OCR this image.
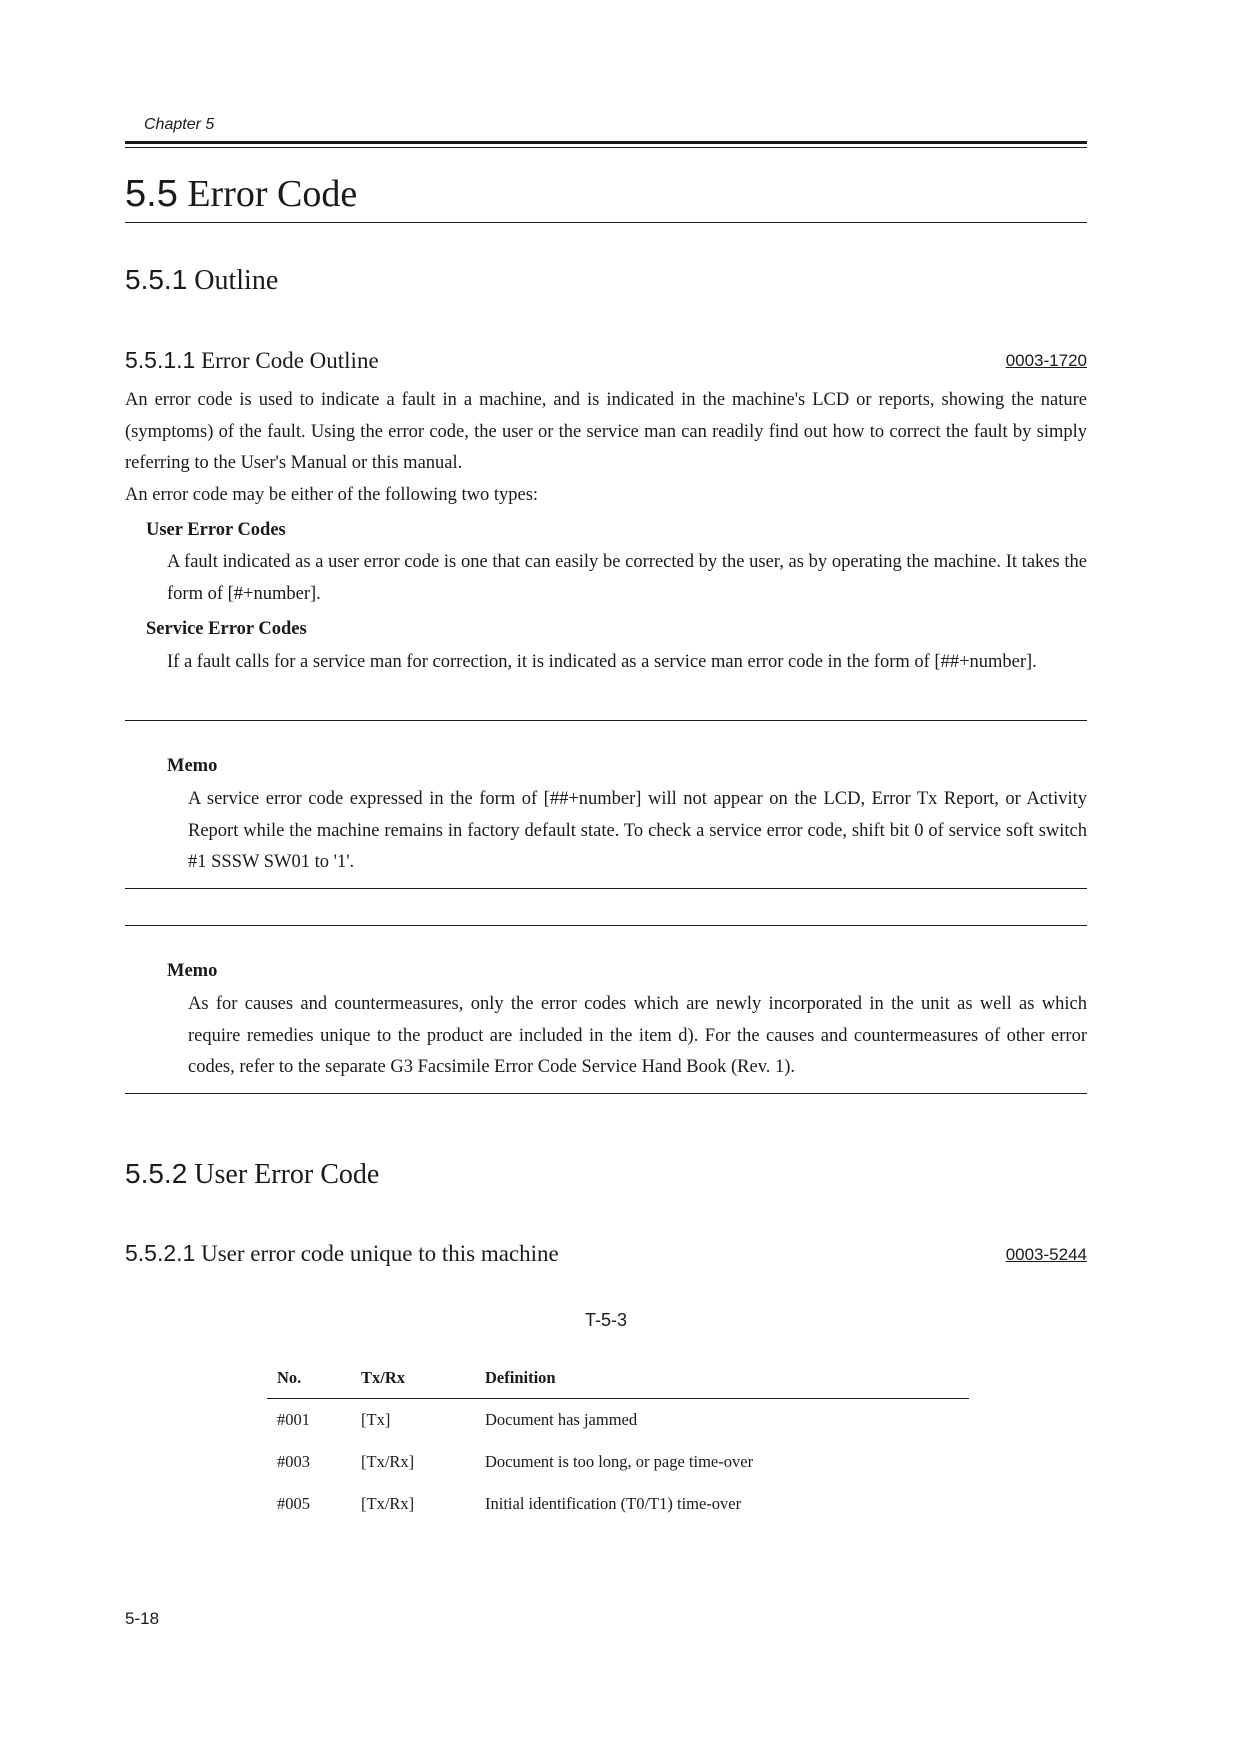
Chapter 5
5.5 Error Code
5.5.1 Outline
5.5.1.1 Error Code Outline	0003-1720

An error code is used to indicate a fault in a machine, and is indicated in the machine's LCD or reports, showing the nature (symptoms) of the fault. Using the error code, the user or the service man can readily find out how to correct the fault by simply referring to the User's Manual or this manual.

An error code may be either of the following two types:

User Error Codes

A fault indicated as a user error code is one that can easily be corrected by the user, as by operating the machine. It takes the form of [#+number].

Service Error Codes

If a fault calls for a service man for correction, it is indicated as a service man error code in the form of [##+number].

Memo

A service error code expressed in the form of [##+number] will not appear on the LCD, Error Tx Report, or Activity Report while the machine remains in factory default state. To check a service error code, shift bit 0 of service soft switch #1 SSSW SW01 to '1'.

Memo

As for causes and countermeasures, only the error codes which are newly incorporated in the unit as well as which require remedies unique to the product are included in the item d). For the causes and countermeasures of other error codes, refer to the separate G3 Facsimile Error Code Service Hand Book (Rev. 1).

5.5.2 User Error Code
5.5.2.1 User error code unique to this machine	0003-5244
T-5-3
No.	Tx/Rx	Definition
#001	[Tx]	Document has jammed
#003	[Tx/Rx]	Document is too long, or page time-over
#005	[Tx/Rx]	Initial identification (T0/T1) time-over
5-18
